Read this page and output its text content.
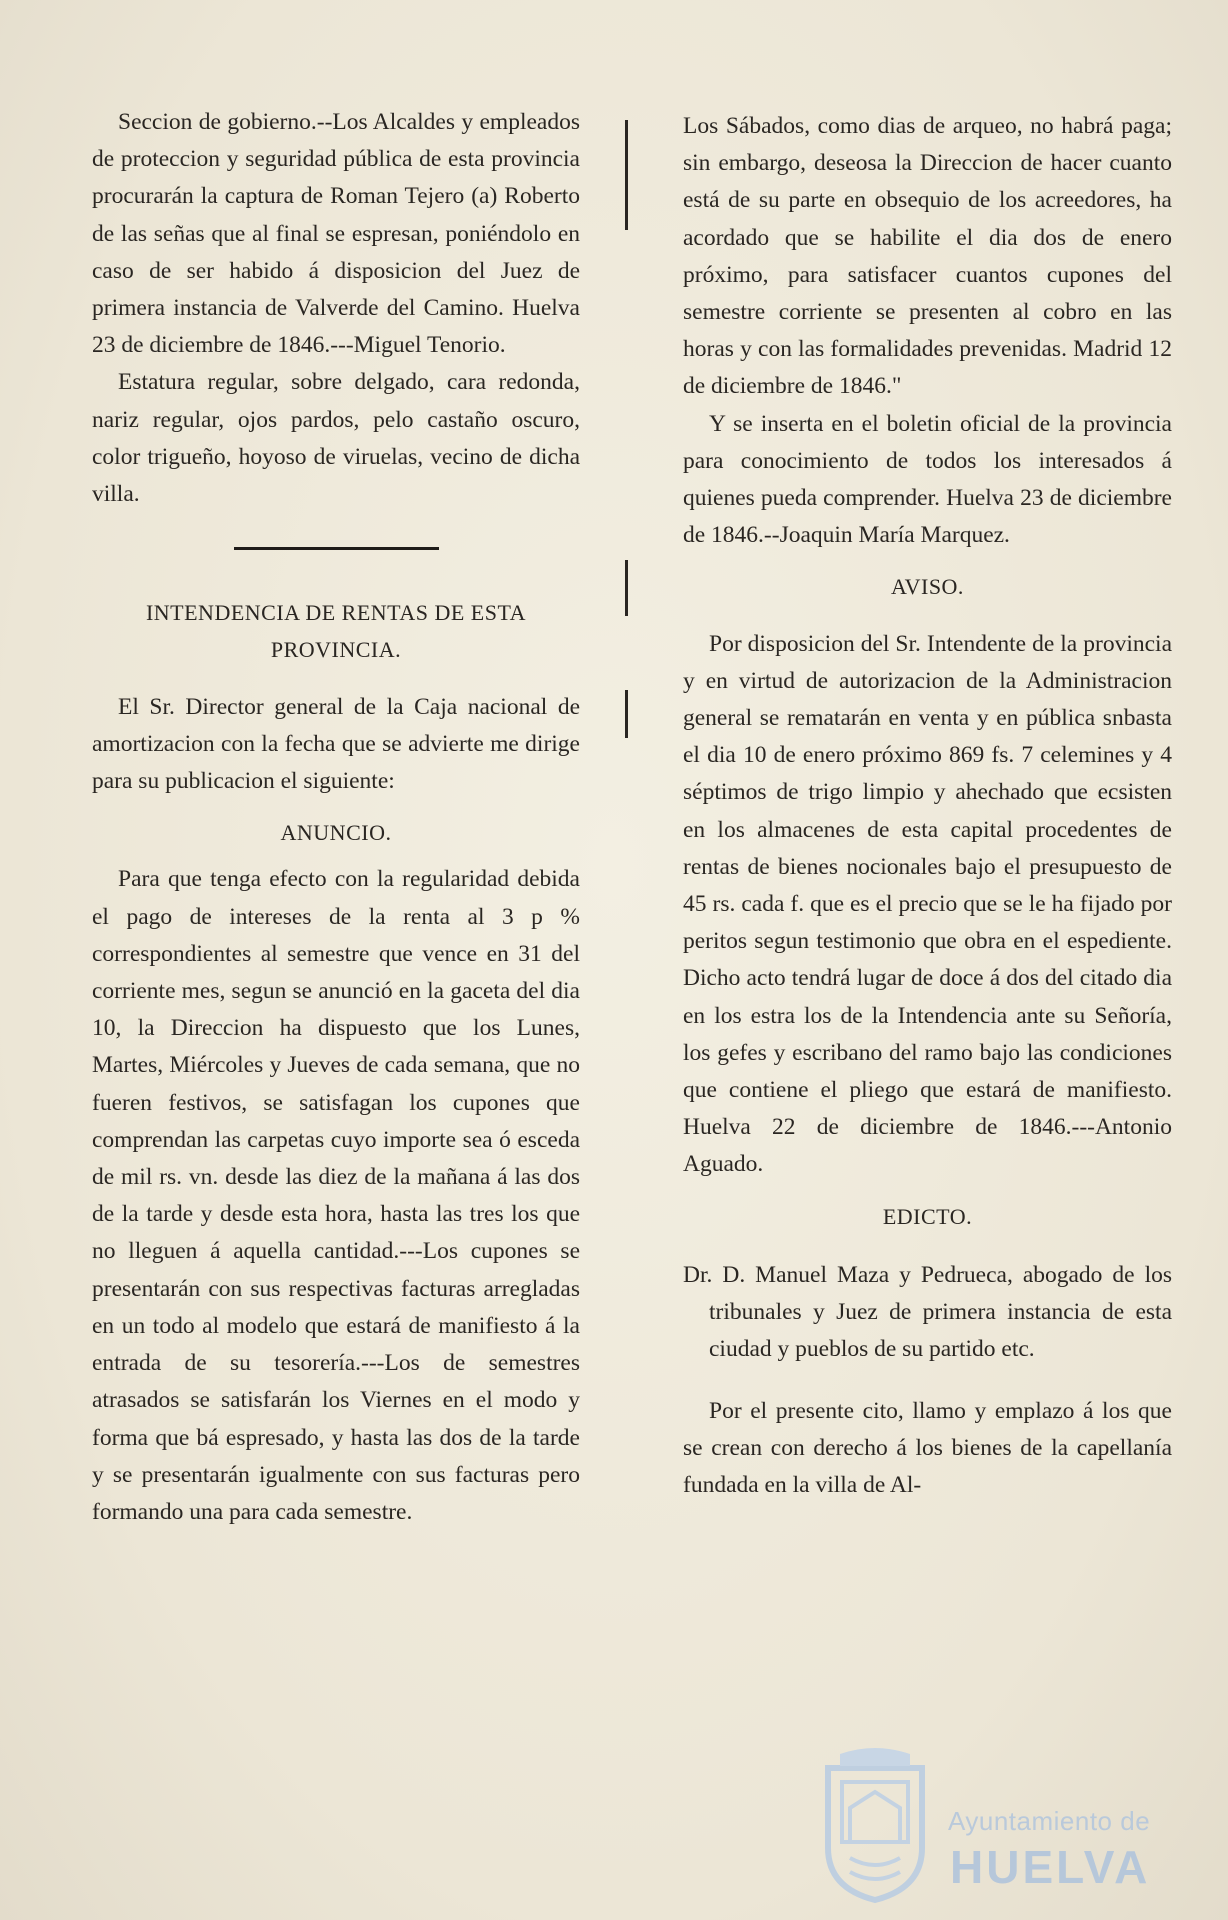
Seccion de gobierno.--Los Alcaldes y empleados de proteccion y seguridad pública de esta provincia procurarán la captura de Roman Tejero (a) Roberto de las señas que al final se espresan, poniéndolo en caso de ser habido á disposicion del Juez de primera instancia de Valverde del Camino. Huelva 23 de diciembre de 1846.---Miguel Tenorio.

Estatura regular, sobre delgado, cara redonda, nariz regular, ojos pardos, pelo castaño oscuro, color trigueño, hoyoso de viruelas, vecino de dicha villa.

INTENDENCIA DE RENTAS DE ESTA PROVINCIA.

El Sr. Director general de la Caja nacional de amortizacion con la fecha que se advierte me dirige para su publicacion el siguiente:

ANUNCIO.

Para que tenga efecto con la regularidad debida el pago de intereses de la renta al 3 p % correspondientes al semestre que vence en 31 del corriente mes, segun se anunció en la gaceta del dia 10, la Direccion ha dispuesto que los Lunes, Martes, Miércoles y Jueves de cada semana, que no fueren festivos, se satisfagan los cupones que comprendan las carpetas cuyo importe sea ó esceda de mil rs. vn. desde las diez de la mañana á las dos de la tarde y desde esta hora, hasta las tres los que no lleguen á aquella cantidad.---Los cupones se presentarán con sus respectivas facturas arregladas en un todo al modelo que estará de manifiesto á la entrada de su tesorería.---Los de semestres atrasados se satisfarán los Viernes en el modo y forma que bá espresado, y hasta las dos de la tarde y se presentarán igualmente con sus facturas pero formando una para cada semestre.

Los Sábados, como dias de arqueo, no habrá paga; sin embargo, deseosa la Direccion de hacer cuanto está de su parte en obsequio de los acreedores, ha acordado que se habilite el dia dos de enero próximo, para satisfacer cuantos cupones del semestre corriente se presenten al cobro en las horas y con las formalidades prevenidas. Madrid 12 de diciembre de 1846."

Y se inserta en el boletin oficial de la provincia para conocimiento de todos los interesados á quienes pueda comprender. Huelva 23 de diciembre de 1846.--Joaquin María Marquez.

AVISO.

Por disposicion del Sr. Intendente de la provincia y en virtud de autorizacion de la Administracion general se rematarán en venta y en pública snbasta el dia 10 de enero próximo 869 fs. 7 celemines y 4 séptimos de trigo limpio y ahechado que ecsisten en los almacenes de esta capital procedentes de rentas de bienes nocionales bajo el presupuesto de 45 rs. cada f. que es el precio que se le ha fijado por peritos segun testimonio que obra en el espediente. Dicho acto tendrá lugar de doce á dos del citado dia en los estra los de la Intendencia ante su Señoría, los gefes y escribano del ramo bajo las condiciones que contiene el pliego que estará de manifiesto. Huelva 22 de diciembre de 1846.---Antonio Aguado.

EDICTO.

Dr. D. Manuel Maza y Pedrueca, abogado de los tribunales y Juez de primera instancia de esta ciudad y pueblos de su partido etc.

Por el presente cito, llamo y emplazo á los que se crean con derecho á los bienes de la capellanía fundada en la villa de Al-

Ayuntamiento de
HUELVA
